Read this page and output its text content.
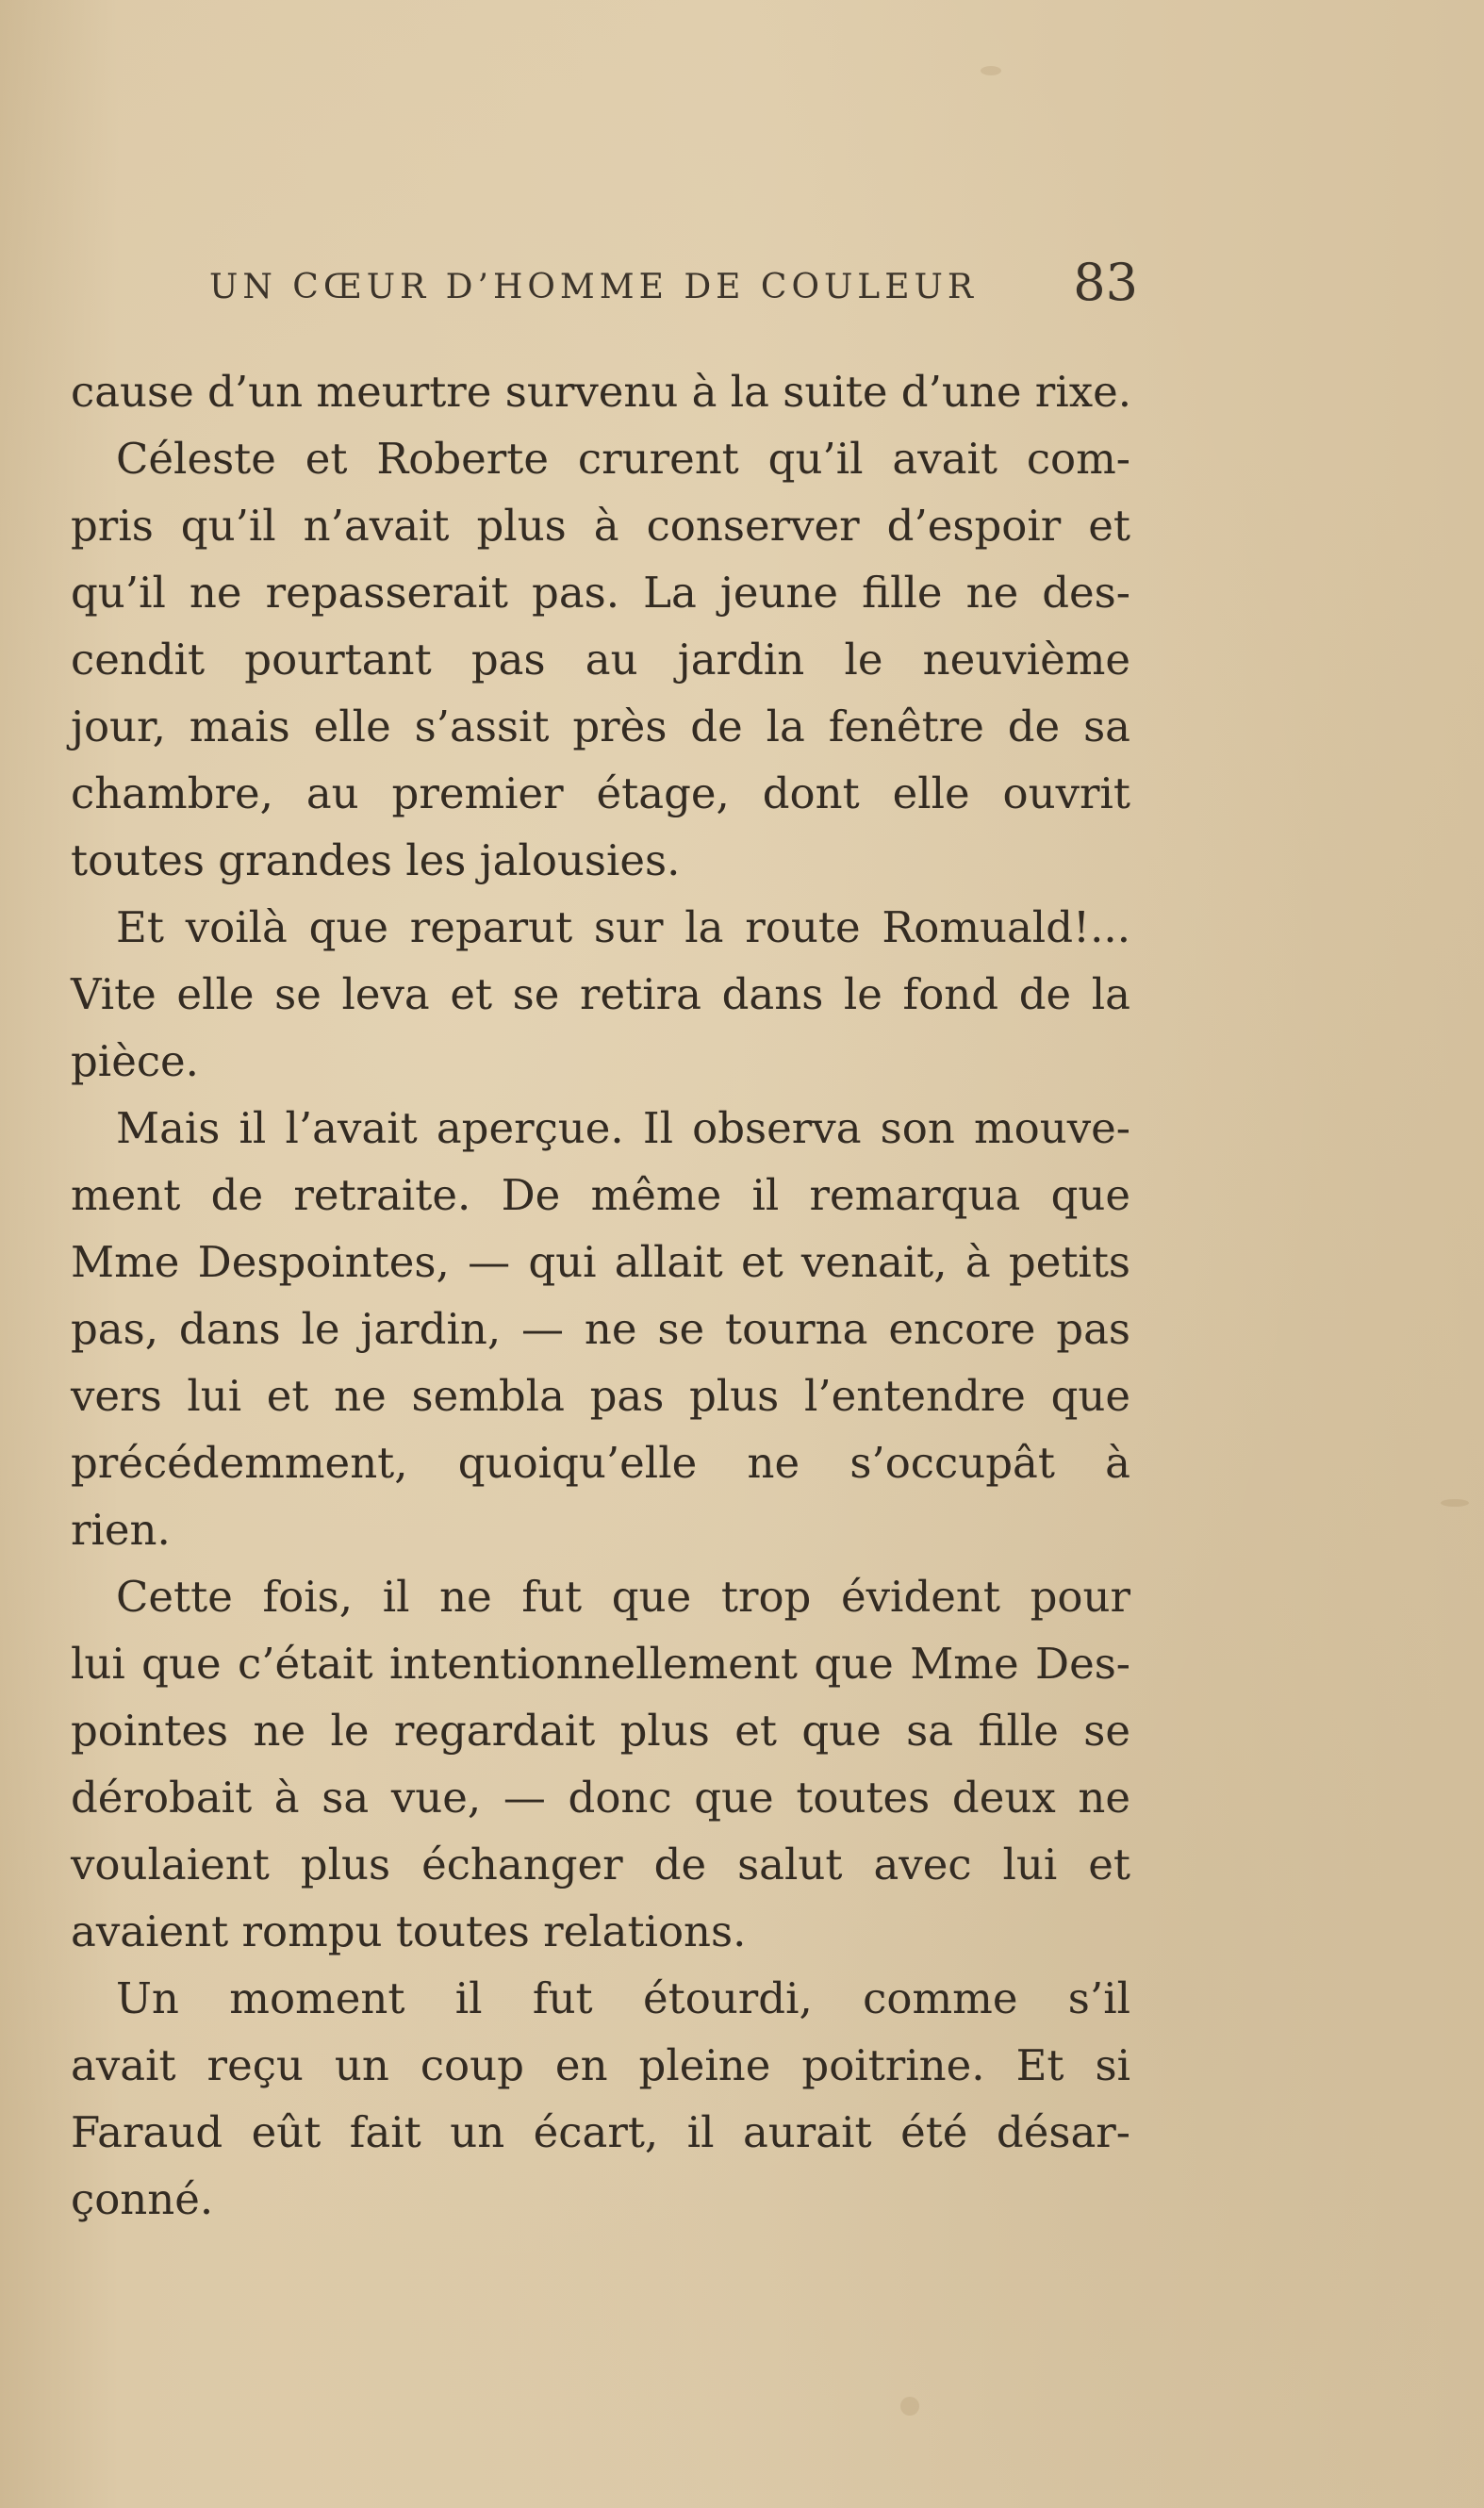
UN CŒUR D’HOMME DE COULEUR 83
cause d’un meurtre survenu à la suite d’une rixe.
Céleste et Roberte crurent qu’il avait com-
pris qu’il n’avait plus à conserver d’espoir et
qu’il ne repasserait pas. La jeune fille ne des-
cendit pourtant pas au jardin le neuvième
jour, mais elle s’assit près de la fenêtre de sa
chambre, au premier étage, dont elle ouvrit
toutes grandes les jalousies.
Et voilà que reparut sur la route Romuald!...
Vite elle se leva et se retira dans le fond de la
pièce.
Mais il l’avait aperçue. Il observa son mouve-
ment de retraite. De même il remarqua que
Mme Despointes, — qui allait et venait, à petits
pas, dans le jardin, — ne se tourna encore pas
vers lui et ne sembla pas plus l’entendre que
précédemment, quoiqu’elle ne s’occupât à
rien.
Cette fois, il ne fut que trop évident pour
lui que c’était intentionnellement que Mme Des-
pointes ne le regardait plus et que sa fille se
dérobait à sa vue, — donc que toutes deux ne
voulaient plus échanger de salut avec lui et
avaient rompu toutes relations.
Un moment il fut étourdi, comme s’il
avait reçu un coup en pleine poitrine. Et si
Faraud eût fait un écart, il aurait été désar-
çonné.
